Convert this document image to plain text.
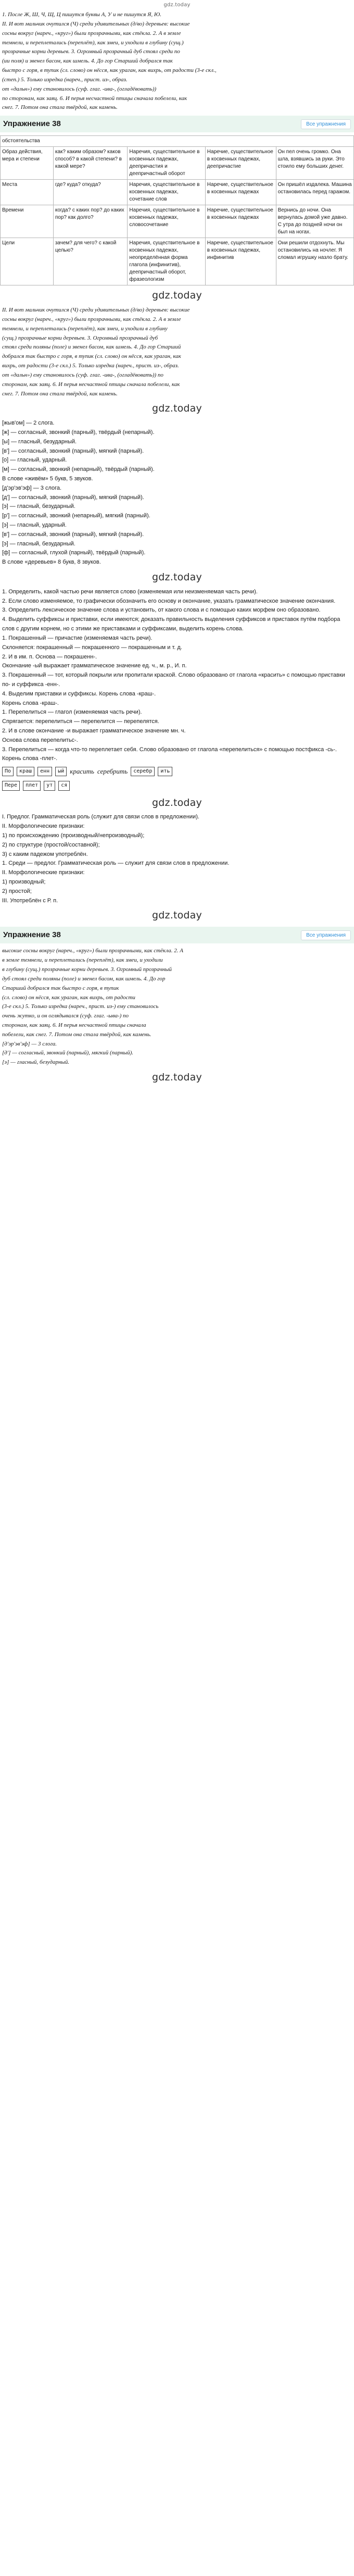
gdz.today

1. После Ж, Ш, Ч, Щ, Ц пишутся буквы А, У и не пишутся Я, Ю.

II. И вот мальчик очутился (Ч) среди удивительных (д/во) деревьев: высокие

сосны вокруг (нареч., «круг») были прозрачными, как стёкла. 2. А в земле

темнели, и переплетались (переплёт), как змеи, и уходили в глубину (сущ.)

прозрачные корни деревьев. 3. Огромный прозрачный дуб стоял среди по

(ии поля) и звенел басом, как шмель. 4. До гор Старший добрался так

быстро с горя, в тупик (сл. слово) он нёсся, как ураган, как вихрь, от радости (3-е скл.,

(степ.) 5. Только изредка (нареч., прист. из-, образ.

от «дальн») ему становилось (суф. глаг. -ива-, (огладёвовать))

по сторонам, как заяц. 6. И перья несчастной птицы сначала побелели, как

снег. 7. Потом она стала твёрдой, как камень.

Упражнение 38	Все упражнения
обстоятельства				
Образ действия, мера и степени	как? каким образом? каков способ? в какой степени? в какой мере?	Наречия, существительное в косвенных падежах, деепричастия и деепричастный оборот	Наречие, существительное в косвенных падежах, деепричастие	Он пел очень громко. Она шла, взявшись за руки. Это стоило ему больших денег.
Места	где? куда? откуда?	Наречия, существительное в косвенных падежах, сочетание слов	Наречие, существительное в косвенных падежах	Он пришёл издалека. Машина остановилась перед гаражом.
Времени	когда? с каких пор? до каких пор? как долго?	Наречия, существительное в косвенных падежах, словосочетание	Наречие, существительное в косвенных падежах	Вернись до ночи. Она вернулась домой уже давно. С утра до поздней ночи он был на ногах.
Цели	зачем? для чего? с какой целью?	Наречия, существительное в косвенных падежах, неопределённая форма глагола (инфинитив), деепричастный оборот, фразеологизм	Наречие, существительное в косвенных падежах, инфинитив	Они решили отдохнуть. Мы остановились на ночлег. Я сломал игрушку назло брату.
gdz.today

II. И вот мальчик очутился (Ч) среди удивительных (д/во) деревьев: высокие

сосны вокруг (нареч., «круг») были прозрачными, как стёкла. 2. А в земле

темнели, и переплетались (переплёт), как змеи, и уходили в глубину

(сущ.) прозрачные корни деревьев. 3. Огромный прозрачный дуб

стоял среди поляны (поле) и звенел басом, как шмель. 4. До гор Старший

добрался так быстро с горя, в тупик (сл. слово) он нёсся, как ураган, как

вихрь, от радости (3-е скл.) 5. Только изредка (нареч., прист. из-, образ.

от «дальн») ему становилось (суф. глаг. -ива-, (огладёвовать)) по

сторонам, как заяц. 6. И перья несчастной птицы сначала побелели, как

снег. 7. Потом она стала твёрдой, как камень.

gdz.today

[жыв'ом] — 2 слога.

[ж] — согласный, звонкий (парный), твёрдый (непарный).

[ы] — гласный, безударный.

[в'] — согласный, звонкий (парный), мягкий (парный).

[о] — гласный, ударный.

[м] — согласный, звонкий (непарный), твёрдый (парный).

В слове «живём» 5 букв, 5 звуков.

[д'эр'эв'эф] — 3 слога.

[д'] — согласный, звонкий (парный), мягкий (парный).

[э] — гласный, безударный.

[р'] — согласный, звонкий (непарный), мягкий (парный).

[э] — гласный, ударный.

[в'] — согласный, звонкий (парный), мягкий (парный).

[э] — гласный, безударный.

[ф] — согласный, глухой (парный), твёрдый (парный).

В слове «деревьев» 8 букв, 8 звуков.

gdz.today

1. Определить, какой частью речи является слово (изменяемая или неизменяемая часть речи).

2. Если слово изменяемое, то графически обозначить его основу и окончание, указать грамматическое значение окончания.

3. Определить лексическое значение слова и установить, от какого слова и с помощью каких морфем оно образовано.

4. Выделить суффиксы и приставки, если имеются; доказать правильность выделения суффиксов и приставок путём подбора слов с другим корнем, но с этими же приставками и суффиксами, выделить корень слова.

1. Покрашенный — причастие (изменяемая часть речи).

Склоняется: покрашенный — покрашенного — покрашенным и т. д.

2. И в им. п. Основа — покрашенн-.

Окончание -ый выражает грамматическое значение ед. ч., м. р., И. п.

3. Покрашенный — тот, который покрыли или пропитали краской. Слово образовано от глагола «красить» с помощью приставки по- и суффикса -енн-.

4. Выделим приставки и суффиксы. Корень слова -краш-.

Корень слова -краш-.

1. Перепелиться — глагол (изменяемая часть речи).

Спрягается: перепелиться — перепелится — перепелятся.

2. И в слове окончание -и выражает грамматическое значение мн. ч.

Основа слова перепелитьс-.

3. Перепелиться — когда что-то переплетает себя. Слово образовано от глагола «перепелиться» с помощью постфикса -сь-.

Корень слова -плет-.

По	краш	енн	ый красить серебрить	серебр	ить
Пере	плет	ут	ся
gdz.today

I. Предлог. Грамматическая роль (служит для связи слов в предложении).

II. Морфологические признаки:

1) по происхождению (производный/непроизводный);

2) по структуре (простой/составной);

3) с каким падежом употреблён.

1. Среди — предлог. Грамматическая роль — служит для связи слов в предложении.

II. Морфологические признаки:

1) производный;

2) простой;

III. Употреблён с Р. п.

gdz.today
Упражнение 38	Все упражнения

высокие сосны вокруг (нареч., «круг») были прозрачными, как стёкла. 2. А

в земле темнели, и переплетались (переплёт), как змеи, и уходили

в глубину (сущ.) прозрачные корни деревьев. 3. Огромный прозрачный

дуб стоял среди поляны (поле) и звенел басом, как шмель. 4. До гор

Старший добрался так быстро с горя, в тупик

(сл. слово) он нёсся, как ураган, как вихрь, от радости

(3-е скл.) 5. Только изредка (нареч., прист. из-) ему становилось

очень жутко, и он оглядывался (суф. глаг. -ыва-) по

сторонам, как заяц. 6. И перья несчастной птицы сначала

побелели, как снег. 7. Потом она стала твёрдой, как камень.

[д'эр'эв'эф] — 3 слога.

[д'] — согласный, звонкий (парный), мягкий (парный).

[э] — гласный, безударный.

gdz.today
